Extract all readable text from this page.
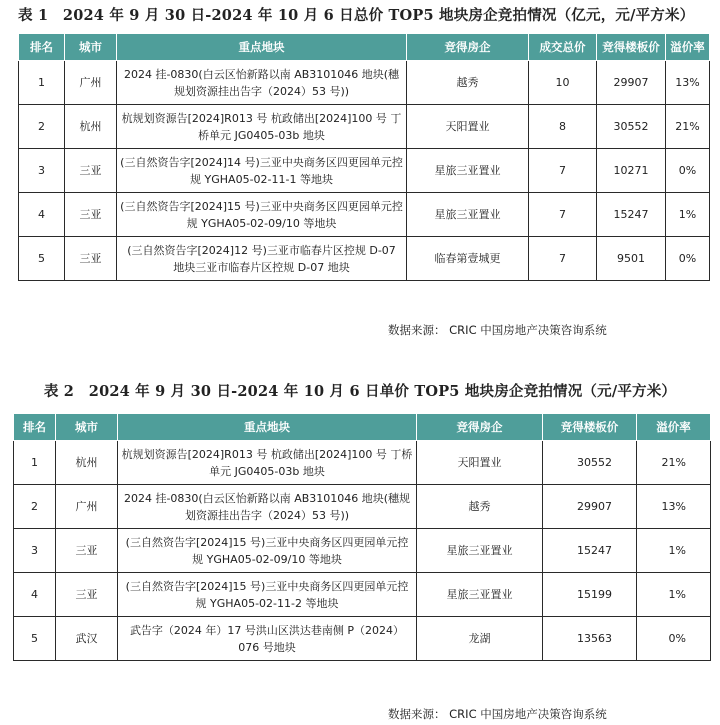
表 1　2024 年 9 月 30 日-2024 年 10 月 6 日总价 TOP5 地块房企竞拍情况（亿元，元/平方米）
排名	城市	重点地块	竞得房企	成交总价	竞得楼板价	溢价率
1	广州	2024 挂-0830(白云区怡新路以南 AB3101046 地块(穗规划资源挂出告字（2024）53 号))	越秀	10	29907	13%
2	杭州	杭规划资源告[2024]R013 号 杭政储出[2024]100 号 丁桥单元 JG0405-03b 地块	天阳置业	8	30552	21%
3	三亚	(三自然资告字[2024]14 号)三亚中央商务区四更园单元控规 YGHA05-02-11-1 等地块	星旅三亚置业	7	10271	0%
4	三亚	(三自然资告字[2024]15 号)三亚中央商务区四更园单元控规 YGHA05-02-09/10 等地块	星旅三亚置业	7	15247	1%
5	三亚	(三自然资告字[2024]12 号)三亚市临春片区控规 D-07 地块三亚市临春片区控规 D-07 地块	临春第壹城更	7	9501	0%
数据来源： CRIC 中国房地产决策咨询系统
表 2　2024 年 9 月 30 日-2024 年 10 月 6 日单价 TOP5 地块房企竞拍情况（元/平方米）
排名	城市	重点地块	竞得房企	竞得楼板价	溢价率
1	杭州	杭规划资源告[2024]R013 号 杭政储出[2024]100 号 丁桥单元 JG0405-03b 地块	天阳置业	30552	21%
2	广州	2024 挂-0830(白云区怡新路以南 AB3101046 地块(穗规划资源挂出告字（2024）53 号))	越秀	29907	13%
3	三亚	(三自然资告字[2024]15 号)三亚中央商务区四更园单元控规 YGHA05-02-09/10 等地块	星旅三亚置业	15247	1%
4	三亚	(三自然资告字[2024]15 号)三亚中央商务区四更园单元控规 YGHA05-02-11-2 等地块	星旅三亚置业	15199	1%
5	武汉	武告字（2024 年）17 号洪山区洪达巷南侧 P（2024）076 号地块	龙湖	13563	0%
数据来源： CRIC 中国房地产决策咨询系统
